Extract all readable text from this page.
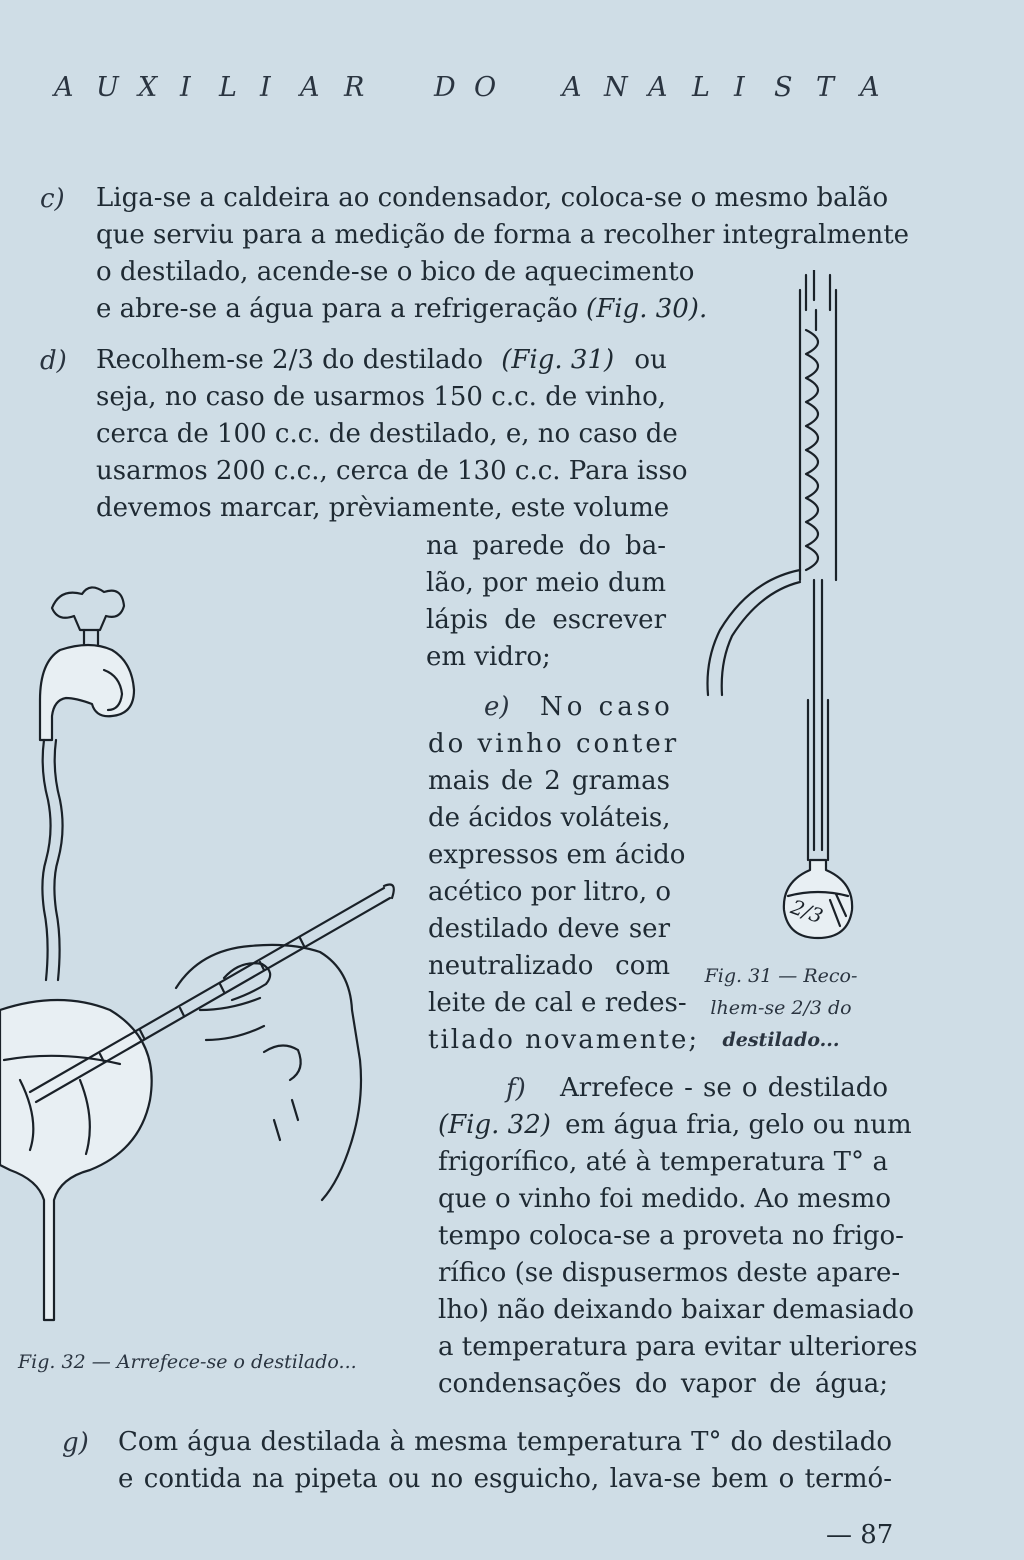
A U X I L I A R	D O A N A L I S T A
c) Liga-se a caldeira ao condensador, coloca-se o mesmo balão
que serviu para a medição de forma a recolher integralmente
o destilado, acende-se o bico de aquecimento
e abre-se a água para a refrigeração (Fig. 30).
d) Recolhem-se 2/3 do destilado (Fig. 31) ou
seja, no caso de usarmos 150 c.c. de vinho,
cerca de 100 c.c. de destilado, e, no caso de
usarmos 200 c.c., cerca de 130 c.c. Para isso
devemos marcar, prèviamente, este volume
na parede do ba-
lão, por meio dum
lápis de escrever
em vidro;
e) No caso
do vinho conter
mais de 2 gramas
de ácidos voláteis,
expressos em ácido
acético por litro, o
destilado deve ser
neutralizado com
leite de cal e redes-
tilado novamente;
f) Arrefece - se o destilado
(Fig. 32) em água fria, gelo ou num
frigorífico, até à temperatura T° a
que o vinho foi medido. Ao mesmo
tempo coloca-se a proveta no frigo-
rífico (se dispusermos deste apare-
lho) não deixando baixar demasiado
a temperatura para evitar ulteriores
condensações do vapor de água;
g) Com água destilada à mesma temperatura T° do destilado
e contida na pipeta ou no esguicho, lava-se bem o termó-
— 87
2/3
Fig. 31 — Reco-
lhem-se 2/3 do
destilado...
Fig. 32 — Arrefece-se o destilado...
